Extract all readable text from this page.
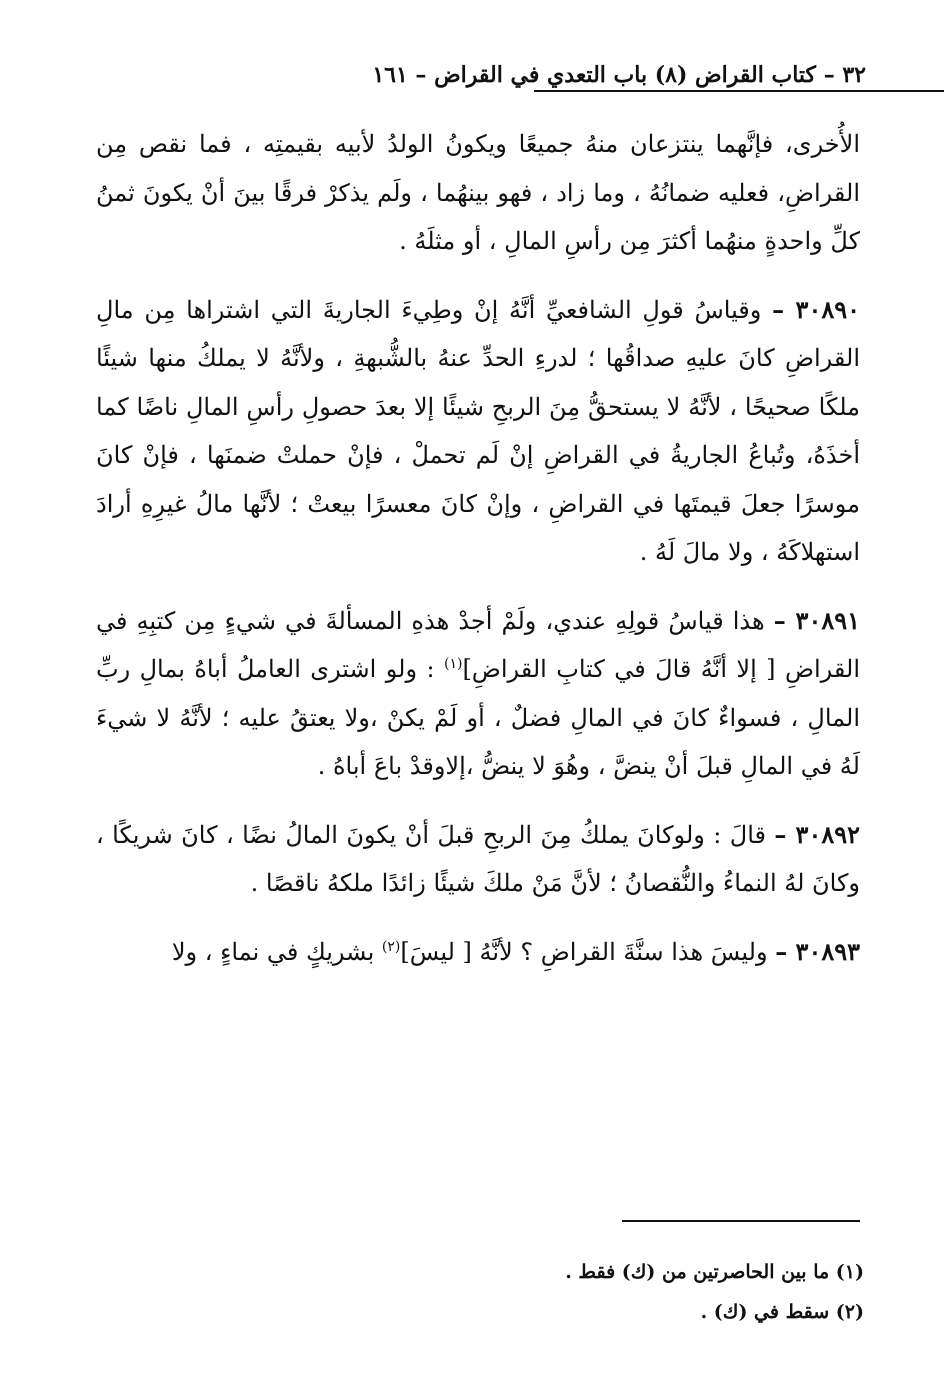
٣٢ – كتاب القراض (٨) باب التعدي في القراض – ١٦١

الأُخرى، فإنَّهما ينتزعان منهُ جميعًا ويكونُ الولدُ لأبيه بقيمتِه ، فما نقص مِن القراضِ، فعليه ضمانُهُ ، وما زاد ، فهو بينهُما ، ولَم يذكرْ فرقًا بينَ أنْ يكونَ ثمنُ كلِّ واحدةٍ منهُما أكثرَ مِن رأسِ المالِ ، أو مثلَهُ .

٣٠٨٩٠ – وقياسُ قولِ الشافعيِّ أنَّهُ إنْ وطِيءَ الجاريةَ التي اشتراها مِن مالِ القراضِ كانَ عليهِ صداقُها ؛ لدرءِ الحدِّ عنهُ بالشُّبهةِ ، ولأنَّهُ لا يملكُ منها شيئًا ملكًا صحيحًا ، لأنَّهُ لا يستحقُّ مِنَ الربحِ شيئًا إلا بعدَ حصولِ رأسِ المالِ ناضًا كما أخذَهُ، وتُباعُ الجاريةُ في القراضِ إنْ لَم تحملْ ، فإنْ حملتْ ضمنَها ، فإنْ كانَ موسرًا جعلَ قيمتَها في القراضِ ، وإنْ كانَ معسرًا بيعتْ ؛ لأنَّها مالُ غيرِهِ أرادَ استهلاكَهُ ، ولا مالَ لَهُ .

٣٠٨٩١ – هذا قياسُ قولِهِ عندي، ولَمْ أجدْ هذهِ المسألةَ في شيءٍ مِن كتبِهِ في القراضِ [ إلا أنَّهُ قالَ في كتابِ القراضِ]$^{(١)}$ : ولو اشترى العاملُ أباهُ بمالِ ربِّ المالِ ، فسواءٌ كانَ في المالِ فضلٌ ، أو لَمْ يكنْ ،ولا يعتقُ عليه ؛ لأنَّهُ لا شيءَ لَهُ في المالِ قبلَ أنْ ينضَّ ، وهُوَ لا ينضُّ ،إلاوقدْ باعَ أباهُ .

٣٠٨٩٢ – قالَ : ولوكانَ يملكُ مِنَ الربحِ قبلَ أنْ يكونَ المالُ نضًا ، كانَ شريكًا ، وكانَ لهُ النماءُ والنُّقصانُ ؛ لأنَّ مَنْ ملكَ شيئًا زائدًا ملكهُ ناقصًا .

٣٠٨٩٣ – وليسَ هذا سنَّةَ القراضِ ؟ لأنَّهُ [ ليسَ]$^{(٢)}$ بشريكٍ في نماءٍ ، ولا

(١) ما بين الحاصرتين من (ك) فقط .
(٢) سقط في (ك) .
